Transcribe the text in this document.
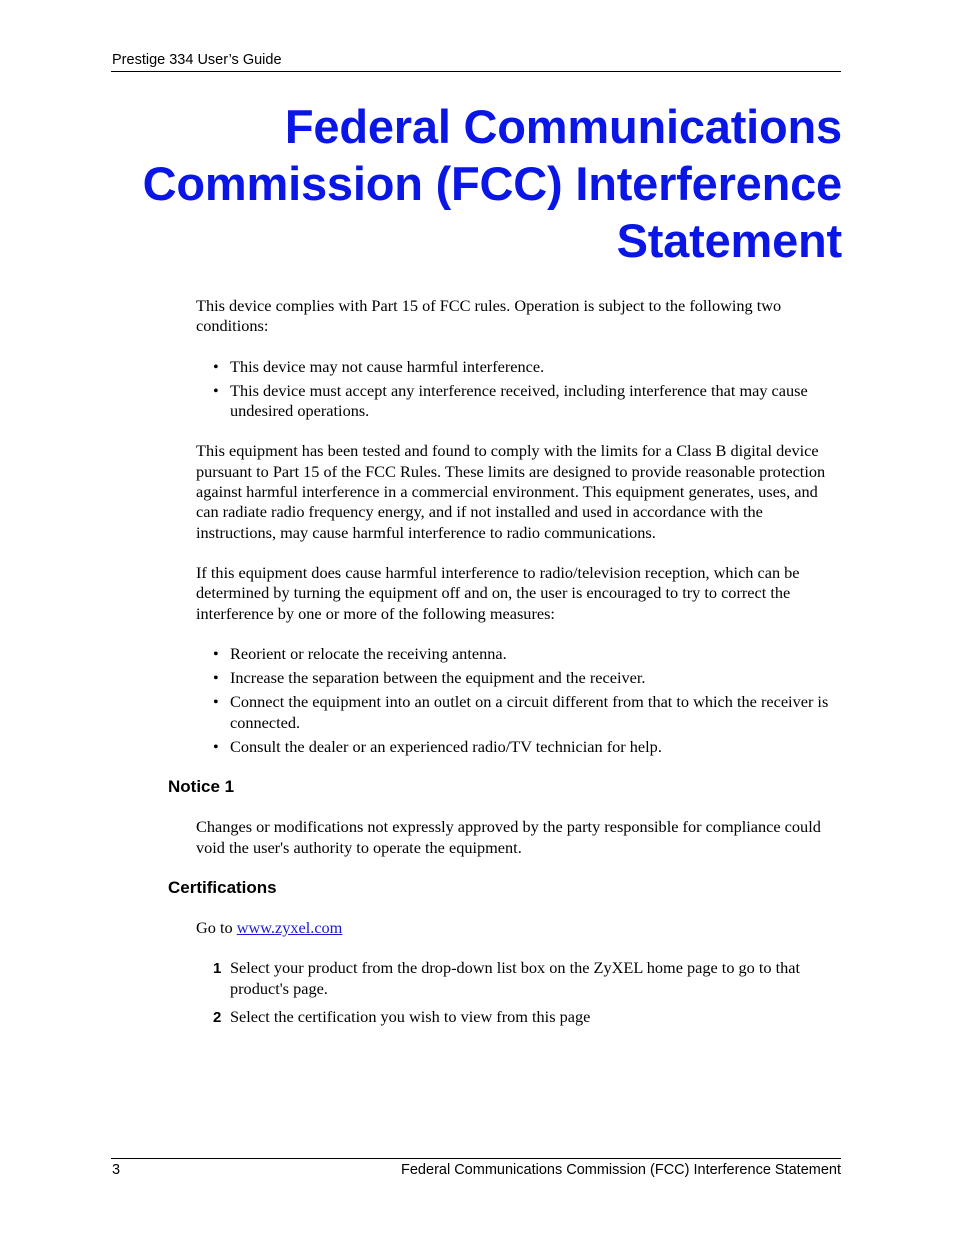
Prestige 334 User’s Guide
Federal Communications
Commission (FCC) Interference
Statement

This device complies with Part 15 of FCC rules. Operation is subject to the following two conditions:

• This device may not cause harmful interference.
• This device must accept any interference received, including interference that may cause undesired operations.

This equipment has been tested and found to comply with the limits for a Class B digital device pursuant to Part 15 of the FCC Rules. These limits are designed to provide reasonable protection against harmful interference in a commercial environment. This equipment generates, uses, and can radiate radio frequency energy, and if not installed and used in accordance with the instructions, may cause harmful interference to radio communications.

If this equipment does cause harmful interference to radio/television reception, which can be determined by turning the equipment off and on, the user is encouraged to try to correct the interference by one or more of the following measures:

• Reorient or relocate the receiving antenna.
• Increase the separation between the equipment and the receiver.
• Connect the equipment into an outlet on a circuit different from that to which the receiver is connected.
• Consult the dealer or an experienced radio/TV technician for help.

Notice 1

Changes or modifications not expressly approved by the party responsible for compliance could void the user's authority to operate the equipment.

Certifications

Go to www.zyxel.com

1 Select your product from the drop-down list box on the ZyXEL home page to go to that product's page.
2 Select the certification you wish to view from this page
3	Federal Communications Commission (FCC) Interference Statement
